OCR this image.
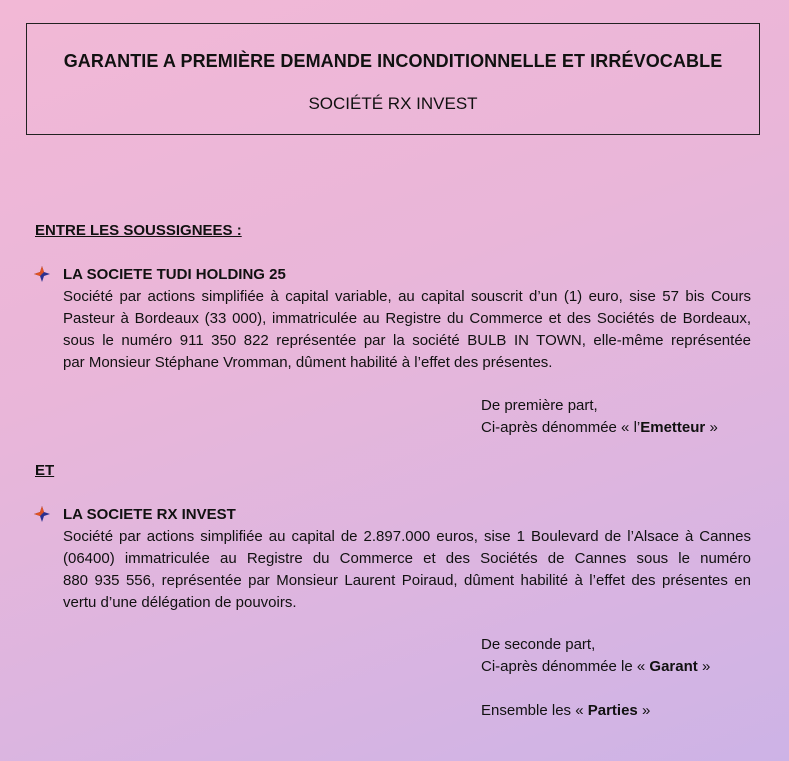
GARANTIE A PREMIÈRE DEMANDE INCONDITIONNELLE ET IRRÉVOCABLE
SOCIÉTÉ RX INVEST
ENTRE LES SOUSSIGNEES :
LA SOCIETE TUDI HOLDING 25
Société par actions simplifiée à capital variable, au capital souscrit d’un (1) euro, sise 57 bis Cours
Pasteur à Bordeaux (33 000), immatriculée au Registre du Commerce et des Sociétés de Bordeaux,
sous le numéro 911 350 822 représentée par la société BULB IN TOWN, elle-même représentée
par Monsieur Stéphane Vromman, dûment habilité à l’effet des présentes.
De première part,
Ci-après dénommée « l’Emetteur »
ET
LA SOCIETE RX INVEST
Société par actions simplifiée au capital de 2.897.000 euros, sise 1 Boulevard de l’Alsace à Cannes
(06400) immatriculée au Registre du Commerce et des Sociétés de Cannes sous le numéro
880 935 556, représentée par Monsieur Laurent Poiraud, dûment habilité à l’effet des présentes en
vertu d’une délégation de pouvoirs.
De seconde part,
Ci-après dénommée le « Garant »
Ensemble les « Parties »
